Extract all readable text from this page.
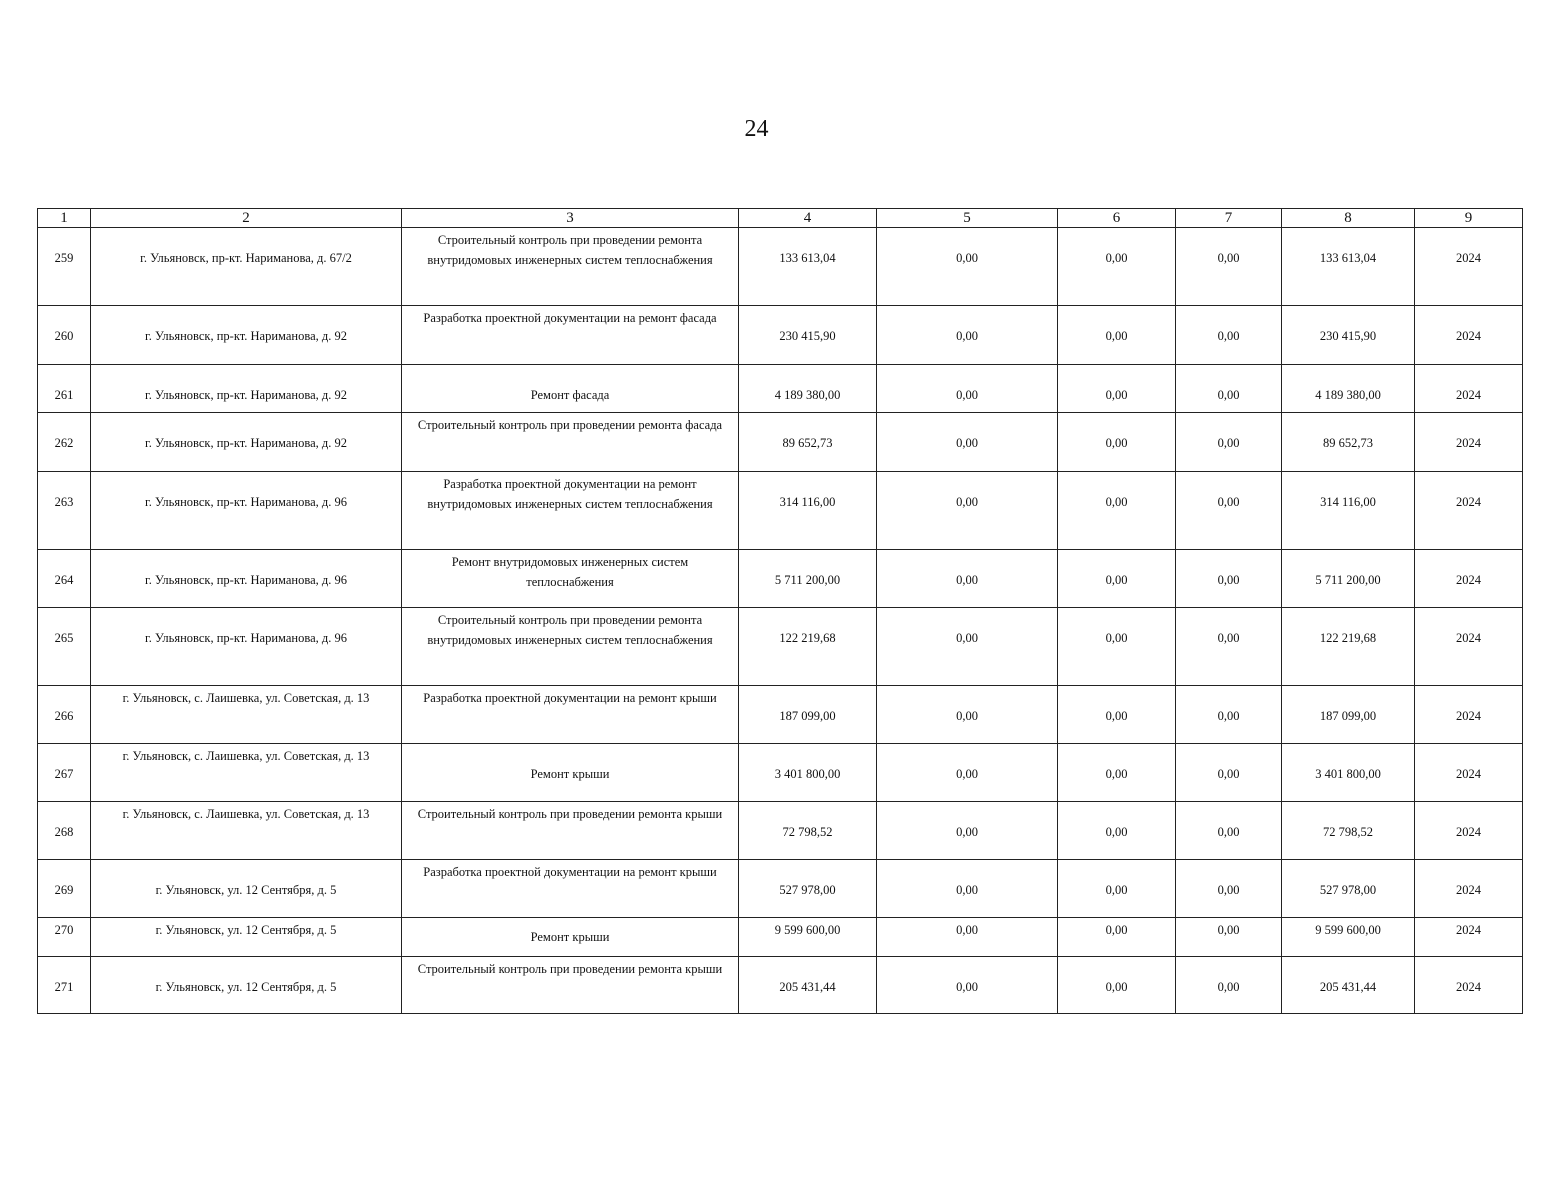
24
1	2	3	4	5	6	7	8	9
259	г. Ульяновск, пр-кт. Нариманова, д. 67/2	Строительный контроль при проведении ремонта внутридомовых инженерных систем теплоснабжения	133 613,04	0,00	0,00	0,00	133 613,04	2024
260	г. Ульяновск, пр-кт. Нариманова, д. 92	Разработка проектной документации на ремонт фасада	230 415,90	0,00	0,00	0,00	230 415,90	2024
261	г. Ульяновск, пр-кт. Нариманова, д. 92	Ремонт фасада	4 189 380,00	0,00	0,00	0,00	4 189 380,00	2024
262	г. Ульяновск, пр-кт. Нариманова, д. 92	Строительный контроль при проведении ремонта фасада	89 652,73	0,00	0,00	0,00	89 652,73	2024
263	г. Ульяновск, пр-кт. Нариманова, д. 96	Разработка проектной документации на ремонт внутридомовых инженерных систем теплоснабжения	314 116,00	0,00	0,00	0,00	314 116,00	2024
264	г. Ульяновск, пр-кт. Нариманова, д. 96	Ремонт внутридомовых инженерных систем теплоснабжения	5 711 200,00	0,00	0,00	0,00	5 711 200,00	2024
265	г. Ульяновск, пр-кт. Нариманова, д. 96	Строительный контроль при проведении ремонта внутридомовых инженерных систем теплоснабжения	122 219,68	0,00	0,00	0,00	122 219,68	2024
266	г. Ульяновск, с. Лаишевка, ул. Советская, д. 13	Разработка проектной документации на ремонт крыши	187 099,00	0,00	0,00	0,00	187 099,00	2024
267	г. Ульяновск, с. Лаишевка, ул. Советская, д. 13	Ремонт крыши	3 401 800,00	0,00	0,00	0,00	3 401 800,00	2024
268	г. Ульяновск, с. Лаишевка, ул. Советская, д. 13	Строительный контроль при проведении ремонта крыши	72 798,52	0,00	0,00	0,00	72 798,52	2024
269	г. Ульяновск, ул. 12 Сентября, д. 5	Разработка проектной документации на ремонт крыши	527 978,00	0,00	0,00	0,00	527 978,00	2024
270	г. Ульяновск, ул. 12 Сентября, д. 5	Ремонт крыши	9 599 600,00	0,00	0,00	0,00	9 599 600,00	2024
271	г. Ульяновск, ул. 12 Сентября, д. 5	Строительный контроль при проведении ремонта крыши	205 431,44	0,00	0,00	0,00	205 431,44	2024
